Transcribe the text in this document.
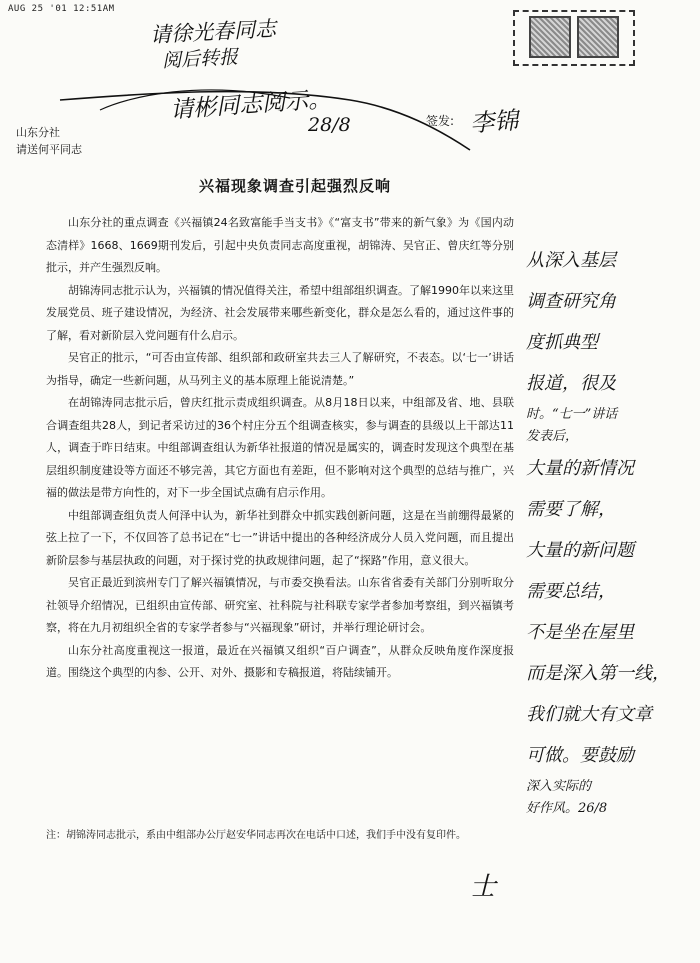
AUG 25 '01 12:51AM
请徐光春同志
阅后转报
请彬同志阅示。
28/8
山东分社
请送何平同志
签发: 李锦
兴福现象调查引起强烈反响

山东分社的重点调查《兴福镇24名致富能手当支书》《“富支书”带来的新气象》为《国内动态清样》1668、1669期刊发后，引起中央负责同志高度重视，胡锦涛、吴官正、曾庆红等分别批示，并产生强烈反响。

胡锦涛同志批示认为，兴福镇的情况值得关注，希望中组部组织调查。了解1990年以来这里发展党员、班子建设情况，为经济、社会发展带来哪些新变化，群众是怎么看的，通过这件事的了解，看对新阶层入党问题有什么启示。

吴官正的批示，“可否由宣传部、组织部和政研室共去三人了解研究，不表态。以‘七一’讲话为指导，确定一些新问题，从马列主义的基本原理上能说清楚。”

在胡锦涛同志批示后，曾庆红批示责成组织调查。从8月18日以来，中组部及省、地、县联合调查组共28人，到记者采访过的36个村庄分五个组调查核实，参与调查的县级以上干部达11人，调查于昨日结束。中组部调查组认为新华社报道的情况是属实的，调查时发现这个典型在基层组织制度建设等方面还不够完善，其它方面也有差距，但不影响对这个典型的总结与推广，兴福的做法是带方向性的，对下一步全国试点确有启示作用。

中组部调查组负责人何泽中认为，新华社到群众中抓实践创新问题，这是在当前绷得最紧的弦上拉了一下，不仅回答了总书记在“七一”讲话中提出的各种经济成分人员入党问题，而且提出新阶层参与基层执政的问题，对于探讨党的执政规律问题，起了“探路”作用，意义很大。

吴官正最近到滨州专门了解兴福镇情况，与市委交换看法。山东省省委有关部门分别听取分社领导介绍情况，已组织由宣传部、研究室、社科院与社科联专家学者参加考察组，到兴福镇考察，将在九月初组织全省的专家学者参与“兴福现象”研讨，并举行理论研讨会。

山东分社高度重视这一报道，最近在兴福镇又组织“百户调查”，从群众反映角度作深度报道。围绕这个典型的内参、公开、对外、摄影和专稿报道，将陆续铺开。

注：胡锦涛同志批示，系由中组部办公厅赵安华同志再次在电话中口述，我们手中没有复印件。
从深入基层
调查研究角
度抓典型
报道，很及
时。“七一”讲话
发表后，
大量的新情况
需要了解，
大量的新问题
需要总结，
不是坐在屋里
而是深入第一线，
我们就大有文章
可做。要鼓励
深入实际的
好作风。26/8
士
